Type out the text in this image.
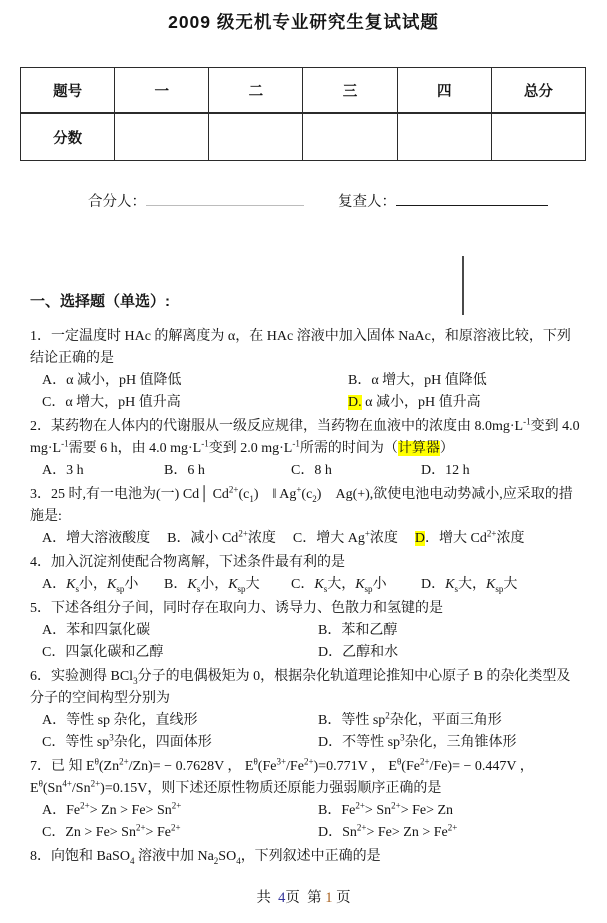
2009 级无机专业研究生复试试题
题号	一	二	三	四	总分
分数					
合分人：	复查人：
一、选择题（单选）:
1．一定温度时 HAc 的解离度为 α，在 HAc 溶液中加入固体 NaAc，和原溶液比较，下列结论正确的是
A．α 减小，pH 值降低	B．α 增大，pH 值降低
C．α 增大，pH 值升高	D. α 减小，pH 值升高
2．某药物在人体内的代谢服从一级反应规律，当药物在血液中的浓度由 $8.0mg\cdot L^{-1}$变到 4.0 $mg\cdot L^{-1}$需要 6 h，由 4.0 $mg\cdot L^{-1}$变到 2.0 $mg\cdot L^{-1}$所需的时间为（计算器）
A．3 h	B．6 h	C．8 h	D．12 h
3．25 时,有一电池为(一) Cd│ $Cd^{2+}(c_1)$　‖ $Ag^+(c_2)$　Ag(+),欲使电池电动势减小,应采取的措施是:
A．增大溶液酸度 B．减小 $Cd^{2+}$浓度 C．增大 Ag+浓度 D．增大 $Cd^{2+}$浓度
4．加入沉淀剂使配合物离解，下述条件最有利的是
A．$K_s$小，$K_{sp}$小	B．$K_s$小，$K_{sp}$大	C．$K_s$大，$K_{sp}$小	D．$K_s$大，$K_{sp}$大
5．下述各组分子间，同时存在取向力、诱导力、色散力和氢键的是
A．苯和四氯化碳	B．苯和乙醇
C．四氯化碳和乙醇	D．乙醇和水
6．实验测得 BCl$_3$分子的电偶极矩为 0，根据杂化轨道理论推知中心原子 B 的杂化类型及分子的空间构型分别为
A．等性 sp 杂化，直线形	B．等性 $sp^2$杂化，平面三角形
C．等性 $sp^3$杂化，四面体形	D．不等性 $sp^3$杂化，三角锥体形
7．已 知 $E^\theta(Zn^{2+}/Zn)= - 0.7628V$ ， $E^\theta(Fe^{3+}/Fe^{2+})=0.771V$ ， $E^\theta(Fe^{2+}/Fe)= - 0.447V$ ，$E^\theta(Sn^{4+}/Sn^{2+})=0.15V$，则下述还原性物质还原能力强弱顺序正确的是
A．$Fe^{2+}> Zn > Fe> Sn^{2+}$	B．$Fe^{2+}> Sn^{2+}> Fe> Zn$
C．$Zn > Fe> Sn^{2+}> Fe^{2+}$	D．$Sn^{2+}> Fe> Zn > Fe^{2+}$
8．向饱和 BaSO$_4$ 溶液中加 $Na_2SO_4$，下列叙述中正确的是
共  4页  第 1 页
